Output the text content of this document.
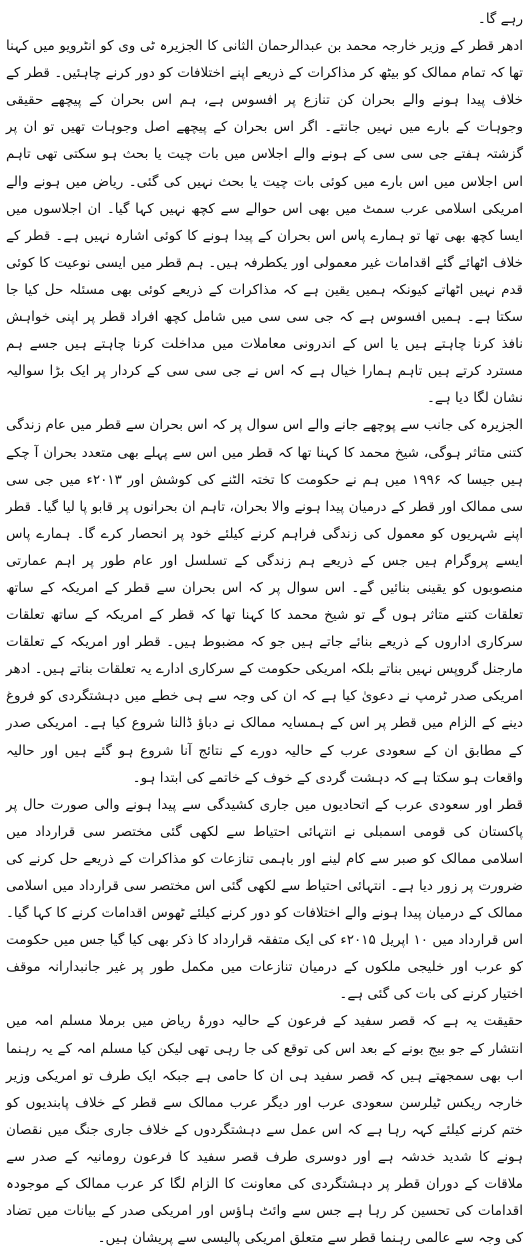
رہے گا۔

ادھر قطر کے وزیر خارجہ محمد بن عبدالرحمان الثانی کا الجزیرہ ٹی وی کو انٹرویو میں کہنا تھا کہ تمام ممالک کو بیٹھ کر مذاکرات کے ذریعے اپنے اختلافات کو دور کرنے چاہئیں۔ قطر کے خلاف پیدا ہونے والے بحران کن تنازع پر افسوس ہے، ہم اس بحران کے پیچھے حقیقی وجوہات کے بارے میں نہیں جانتے۔ اگر اس بحران کے پیچھے اصل وجوہات تھیں تو ان پر گزشتہ ہفتے جی سی سی کے ہونے والے اجلاس میں بات چیت یا بحث ہو سکتی تھی تاہم اس اجلاس میں اس بارے میں کوئی بات چیت یا بحث نہیں کی گئی۔ ریاض میں ہونے والے امریکی اسلامی عرب سمٹ میں بھی اس حوالے سے کچھ نہیں کہا گیا۔ ان اجلاسوں میں ایسا کچھ بھی تھا تو ہمارے پاس اس بحران کے پیدا ہونے کا کوئی اشارہ نہیں ہے۔ قطر کے خلاف اٹھائے گئے اقدامات غیر معمولی اور یکطرفہ ہیں۔ ہم قطر میں ایسی نوعیت کا کوئی قدم نہیں اٹھاتے کیونکہ ہمیں یقین ہے کہ مذاکرات کے ذریعے کوئی بھی مسئلہ حل کیا جا سکتا ہے۔ ہمیں افسوس ہے کہ جی سی سی میں شامل کچھ افراد قطر پر اپنی خواہش نافذ کرنا چاہتے ہیں یا اس کے اندرونی معاملات میں مداخلت کرنا چاہتے ہیں جسے ہم مسترد کرتے ہیں تاہم ہمارا خیال ہے کہ اس نے جی سی سی کے کردار پر ایک بڑا سوالیہ نشان لگا دیا ہے۔

الجزیرہ کی جانب سے پوچھے جانے والے اس سوال پر کہ اس بحران سے قطر میں عام زندگی کتنی متاثر ہوگی، شیخ محمد کا کہنا تھا کہ قطر میں اس سے پہلے بھی متعدد بحران آ چکے ہیں جیسا کہ ۱۹۹۶ میں ہم نے حکومت کا تختہ الٹنے کی کوشش اور ۲۰۱۳ء میں جی سی سی ممالک اور قطر کے درمیان پیدا ہونے والا بحران، تاہم ان بحرانوں پر قابو پا لیا گیا۔ قطر اپنے شہریوں کو معمول کی زندگی فراہم کرنے کیلئے خود پر انحصار کرے گا۔ ہمارے پاس ایسے پروگرام ہیں جس کے ذریعے ہم زندگی کے تسلسل اور عام طور پر اہم عمارتی منصوبوں کو یقینی بنائیں گے۔ اس سوال پر کہ اس بحران سے قطر کے امریکہ کے ساتھ تعلقات کتنے متاثر ہوں گے تو شیخ محمد کا کہنا تھا کہ قطر کے امریکہ کے ساتھ تعلقات سرکاری اداروں کے ذریعے بنائے جاتے ہیں جو کہ مضبوط ہیں۔ قطر اور امریکہ کے تعلقات مارجنل گروپس نہیں بناتے بلکہ امریکی حکومت کے سرکاری ادارے یہ تعلقات بناتے ہیں۔ ادھر امریکی صدر ٹرمپ نے دعویٰ کیا ہے کہ ان کی وجہ سے ہی خطے میں دہشتگردی کو فروغ دینے کے الزام میں قطر پر اس کے ہمسایہ ممالک نے دباؤ ڈالنا شروع کیا ہے۔ امریکی صدر کے مطابق ان کے سعودی عرب کے حالیہ دورے کے نتائج آنا شروع ہو گئے ہیں اور حالیہ واقعات ہو سکتا ہے کہ دہشت گردی کے خوف کے خاتمے کی ابتدا ہو۔

قطر اور سعودی عرب کے اتحادیوں میں جاری کشیدگی سے پیدا ہونے والی صورت حال پر پاکستان کی قومی اسمبلی نے انتہائی احتیاط سے لکھی گئی مختصر سی قرارداد میں اسلامی ممالک کو صبر سے کام لینے اور باہمی تنازعات کو مذاکرات کے ذریعے حل کرنے کی ضرورت پر زور دیا ہے۔ انتہائی احتیاط سے لکھی گئی اس مختصر سی قرارداد میں اسلامی ممالک کے درمیان پیدا ہونے والے اختلافات کو دور کرنے کیلئے ٹھوس اقدامات کرنے کا کہا گیا۔ اس قرارداد میں ۱۰ اپریل ۲۰۱۵ء کی ایک متفقہ قرارداد کا ذکر بھی کیا گیا جس میں حکومت کو عرب اور خلیجی ملکوں کے درمیان تنازعات میں مکمل طور پر غیر جانبدارانہ موقف اختیار کرنے کی بات کی گئی ہے۔

حقیقت یہ ہے کہ قصر سفید کے فرعون کے حالیہ دورۂ ریاض میں برملا مسلم امہ میں انتشار کے جو بیج بونے کے بعد اس کی توقع کی جا رہی تھی لیکن کیا مسلم امہ کے یہ رہنما اب بھی سمجھتے ہیں کہ قصر سفید ہی ان کا حامی ہے جبکہ ایک طرف تو امریکی وزیر خارجہ ریکس ٹیلرسن سعودی عرب اور دیگر عرب ممالک سے قطر کے خلاف پابندیوں کو ختم کرنے کیلئے کہہ رہا ہے کہ اس عمل سے دہشتگردوں کے خلاف جاری جنگ میں نقصان ہونے کا شدید خدشہ ہے اور دوسری طرف قصر سفید کا فرعون رومانیہ کے صدر سے ملاقات کے دوران قطر پر دہشتگردی کی معاونت کا الزام لگا کر عرب ممالک کے موجودہ اقدامات کی تحسین کر رہا ہے جس سے وائٹ ہاؤس اور امریکی صدر کے بیانات میں تضاد کی وجہ سے عالمی رہنما قطر سے متعلق امریکی پالیسی سے پریشان ہیں۔
